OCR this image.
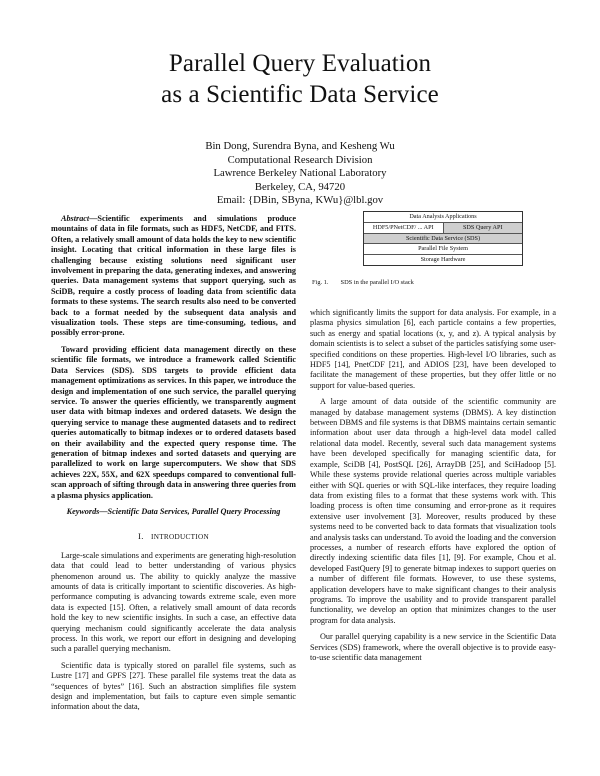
Parallel Query Evaluation
as a Scientific Data Service
Bin Dong, Surendra Byna, and Kesheng Wu
Computational Research Division
Lawrence Berkeley National Laboratory
Berkeley, CA, 94720
Email: {DBin, SByna, KWu}@lbl.gov

Abstract—Scientific experiments and simulations produce mountains of data in file formats, such as HDF5, NetCDF, and FITS. Often, a relatively small amount of data holds the key to new scientific insight. Locating that critical information in these large files is challenging because existing solutions need significant user involvement in preparing the data, generating indexes, and answering queries. Data management systems that support querying, such as SciDB, require a costly process of loading data from scientific data formats to these systems. The search results also need to be converted back to a format needed by the subsequent data analysis and visualization tools. These steps are time-consuming, tedious, and possibly error-prone.

Toward providing efficient data management directly on these scientific file formats, we introduce a framework called Scientific Data Services (SDS). SDS targets to provide efficient data management optimizations as services. In this paper, we introduce the design and implementation of one such service, the parallel querying service. To answer the queries efficiently, we transparently augment user data with bitmap indexes and ordered datasets. We design the querying service to manage these augmented datasets and to redirect queries automatically to bitmap indexes or to ordered datasets based on their availability and the expected query response time. The generation of bitmap indexes and sorted datasets and querying are parallelized to work on large supercomputers. We show that SDS achieves 22X, 55X, and 62X speedups compared to conventional full-scan approach of sifting through data in answering three queries from a plasma physics application.

Keywords—Scientific Data Services, Parallel Query Processing
I. INTRODUCTION

Large-scale simulations and experiments are generating high-resolution data that could lead to better understanding of various physics phenomenon around us. The ability to quickly analyze the massive amounts of data is critically important to scientific discoveries. As high-performance computing is advancing towards extreme scale, even more data is expected [15]. Often, a relatively small amount of data records hold the key to new scientific insights. In such a case, an effective data querying mechanism could significantly accelerate the data analysis process. In this work, we report our effort in designing and developing such a parallel querying mechanism.

Scientific data is typically stored on parallel file systems, such as Lustre [17] and GPFS [27]. These parallel file systems treat the data as “sequences of bytes” [16]. Such an abstraction simplifies file system design and implementation, but fails to capture even simple semantic information about the data,

Data Analysis Applications
HDF5/PNetCDF/ ... API	SDS Query API
Scientific Data Service (SDS)
Parallel File System
Storage Hardware
Fig. 1. SDS in the parallel I/O stack

which significantly limits the support for data analysis. For example, in a plasma physics simulation [6], each particle contains a few properties, such as energy and spatial locations (x, y, and z). A typical analysis by domain scientists is to select a subset of the particles satisfying some user-specified conditions on these properties. High-level I/O libraries, such as HDF5 [14], PnetCDF [21], and ADIOS [23], have been developed to facilitate the management of these properties, but they offer little or no support for value-based queries.

A large amount of data outside of the scientific community are managed by database management systems (DBMS). A key distinction between DBMS and file systems is that DBMS maintains certain semantic information about user data through a high-level data model called relational data model. Recently, several such data management systems have been developed specifically for managing scientific data, for example, SciDB [4], PostSQL [26], ArrayDB [25], and SciHadoop [5]. While these systems provide relational queries across multiple variables either with SQL queries or with SQL-like interfaces, they require loading data from existing files to a format that these systems work with. This loading process is often time consuming and error-prone as it requires extensive user involvement [3]. Moreover, results produced by these systems need to be converted back to data formats that visualization tools and analysis tasks can understand. To avoid the loading and the conversion processes, a number of research efforts have explored the option of directly indexing scientific data files [1], [9]. For example, Chou et al. developed FastQuery [9] to generate bitmap indexes to support queries on a number of different file formats. However, to use these systems, application developers have to make significant changes to their analysis programs. To improve the usability and to provide transparent parallel functionality, we develop an option that minimizes changes to the user program for data analysis.

Our parallel querying capability is a new service in the Scientific Data Services (SDS) framework, where the overall objective is to provide easy-to-use scientific data management
